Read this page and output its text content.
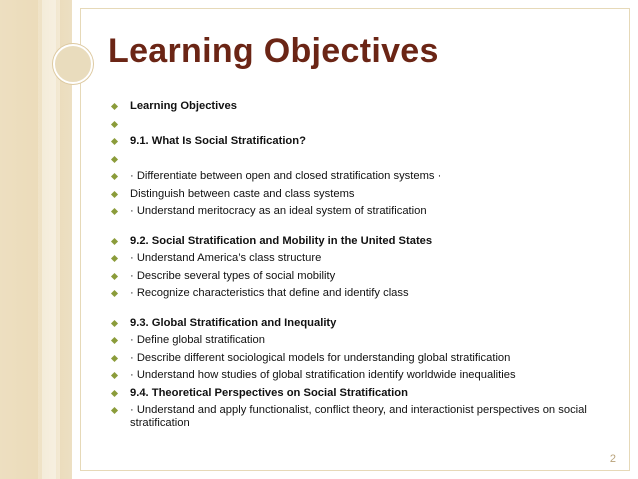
Learning Objectives
Learning Objectives
9.1. What Is Social Stratification?
· Differentiate between open and closed stratification systems ·
Distinguish between caste and class systems
· Understand meritocracy as an ideal system of stratification
9.2. Social Stratification and Mobility in the United States
· Understand America’s class structure
· Describe several types of social mobility
· Recognize characteristics that define and identify class
9.3. Global Stratification and Inequality
· Define global stratification
· Describe different sociological models for understanding global stratification
· Understand how studies of global stratification identify worldwide inequalities
9.4. Theoretical Perspectives on Social Stratification
· Understand and apply functionalist, conflict theory, and interactionist perspectives on social stratification
2
